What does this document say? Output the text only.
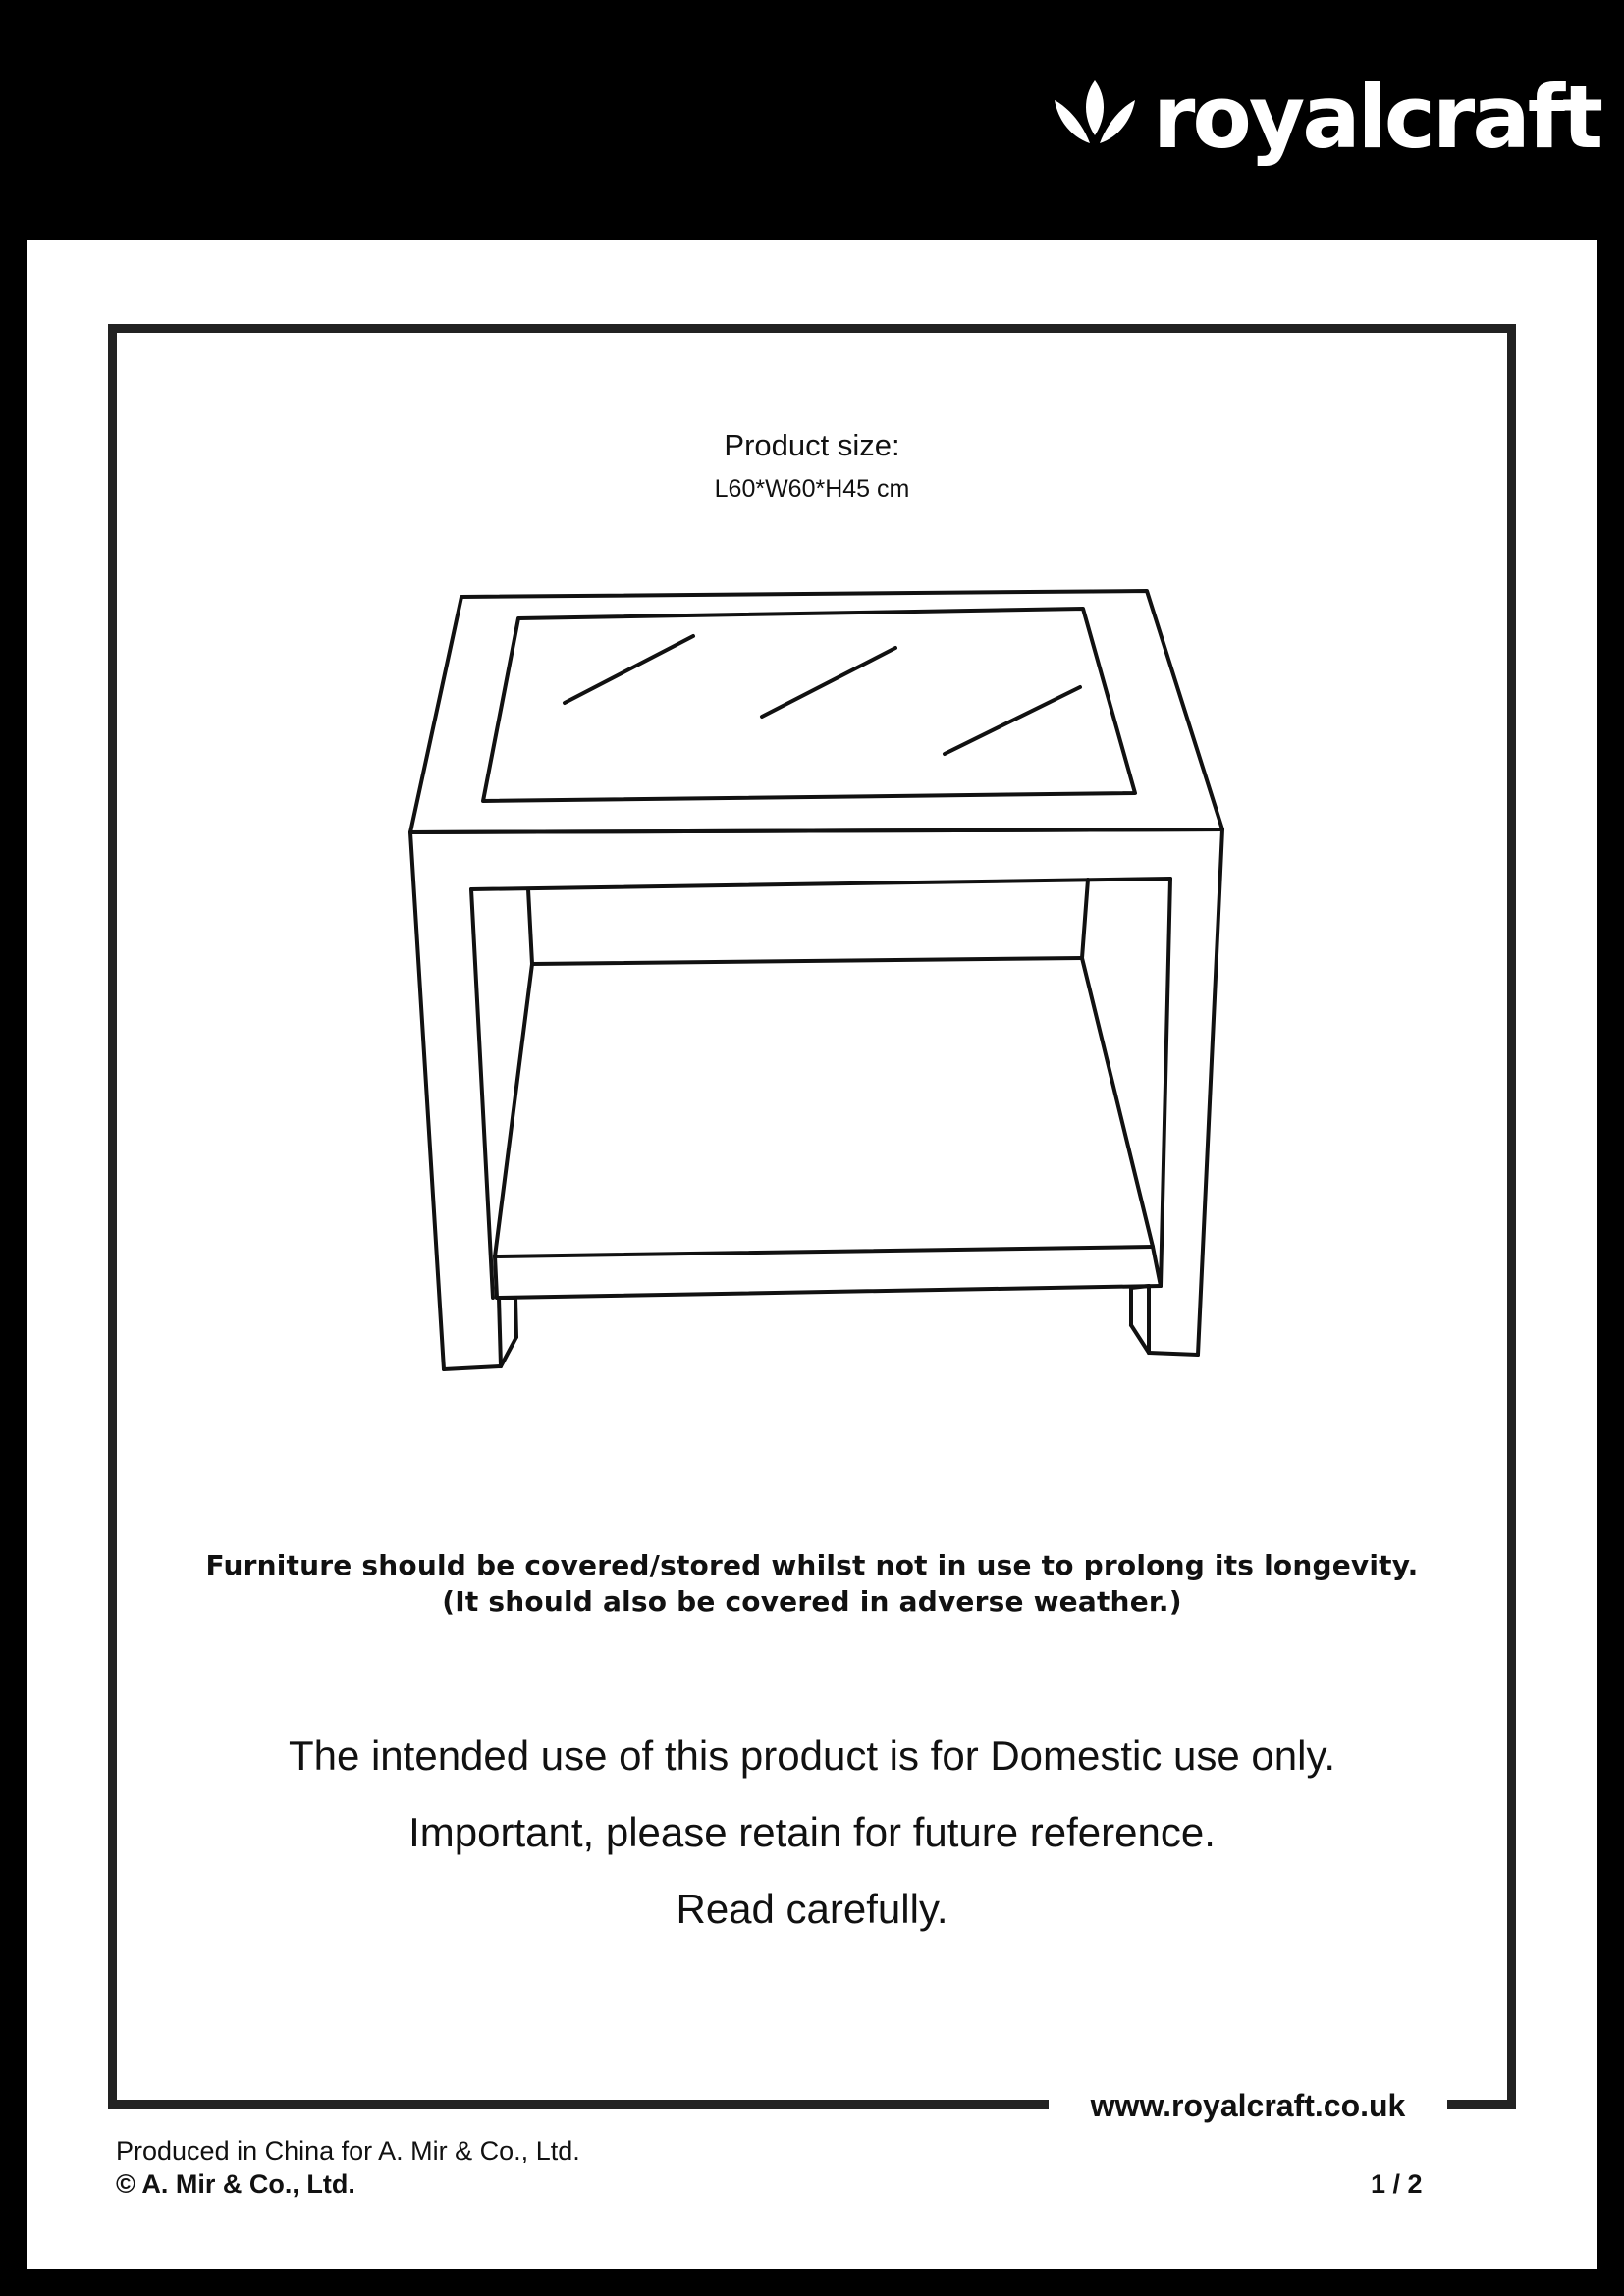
royalcraft
www.royalcraft.co.uk
Product size:
L60*W60*H45 cm
Furniture should be covered/stored whilst not in use to prolong its longevity.
(It should also be covered in adverse weather.)
The intended use of this product is for Domestic use only.
Important, please retain for future reference.
Read carefully.
Produced in China for A. Mir & Co., Ltd.
© A. Mir & Co., Ltd.	1 / 2
